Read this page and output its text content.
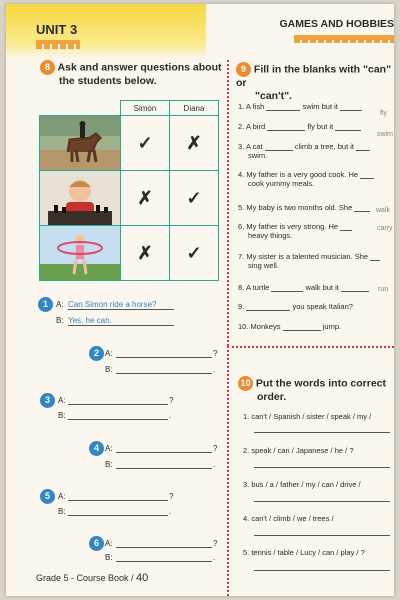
UNIT 3	GAMES AND HOBBIES
8 Ask and answer questions about
the students below.
	Simon	Diana

	✓	✗

	✗	✓

	✗	✓
1	A: Can Simon ride a horse?
B: Yes, he can.
2 A:	?
B:	.
3	A:	?
B:	.
4 A:	?
B:	.
5	A:	?
B:	.
6 A:	?
B:	.
9 Fill in the blanks with "can" or
"can't".
1. A fish	swim but it
fly
2. A bird	fly but it
swim
3. A cat	climb a tree, but it
swim.
4. My father is a very good cook. He
cook yummy meals.
5. My baby is two months old. She	walk
6. My father is very strong. He
heavy things.
carry
7. My sister is a talented musician. She
sing well.
8. A turtle	walk but it	run
9.	you speak Italian?
10. Monkeys	jump.
10 Put the words into correct
order.
1. can't / Spanish / sister / speak / my /
2. speak / can / Japanese / he / ?
3. bus / a / father / my / can / drive /
4. can't / climb / we / trees /
5. tennis / table / Lucy / can / play / ?
Grade 5 - Course Book / 40
